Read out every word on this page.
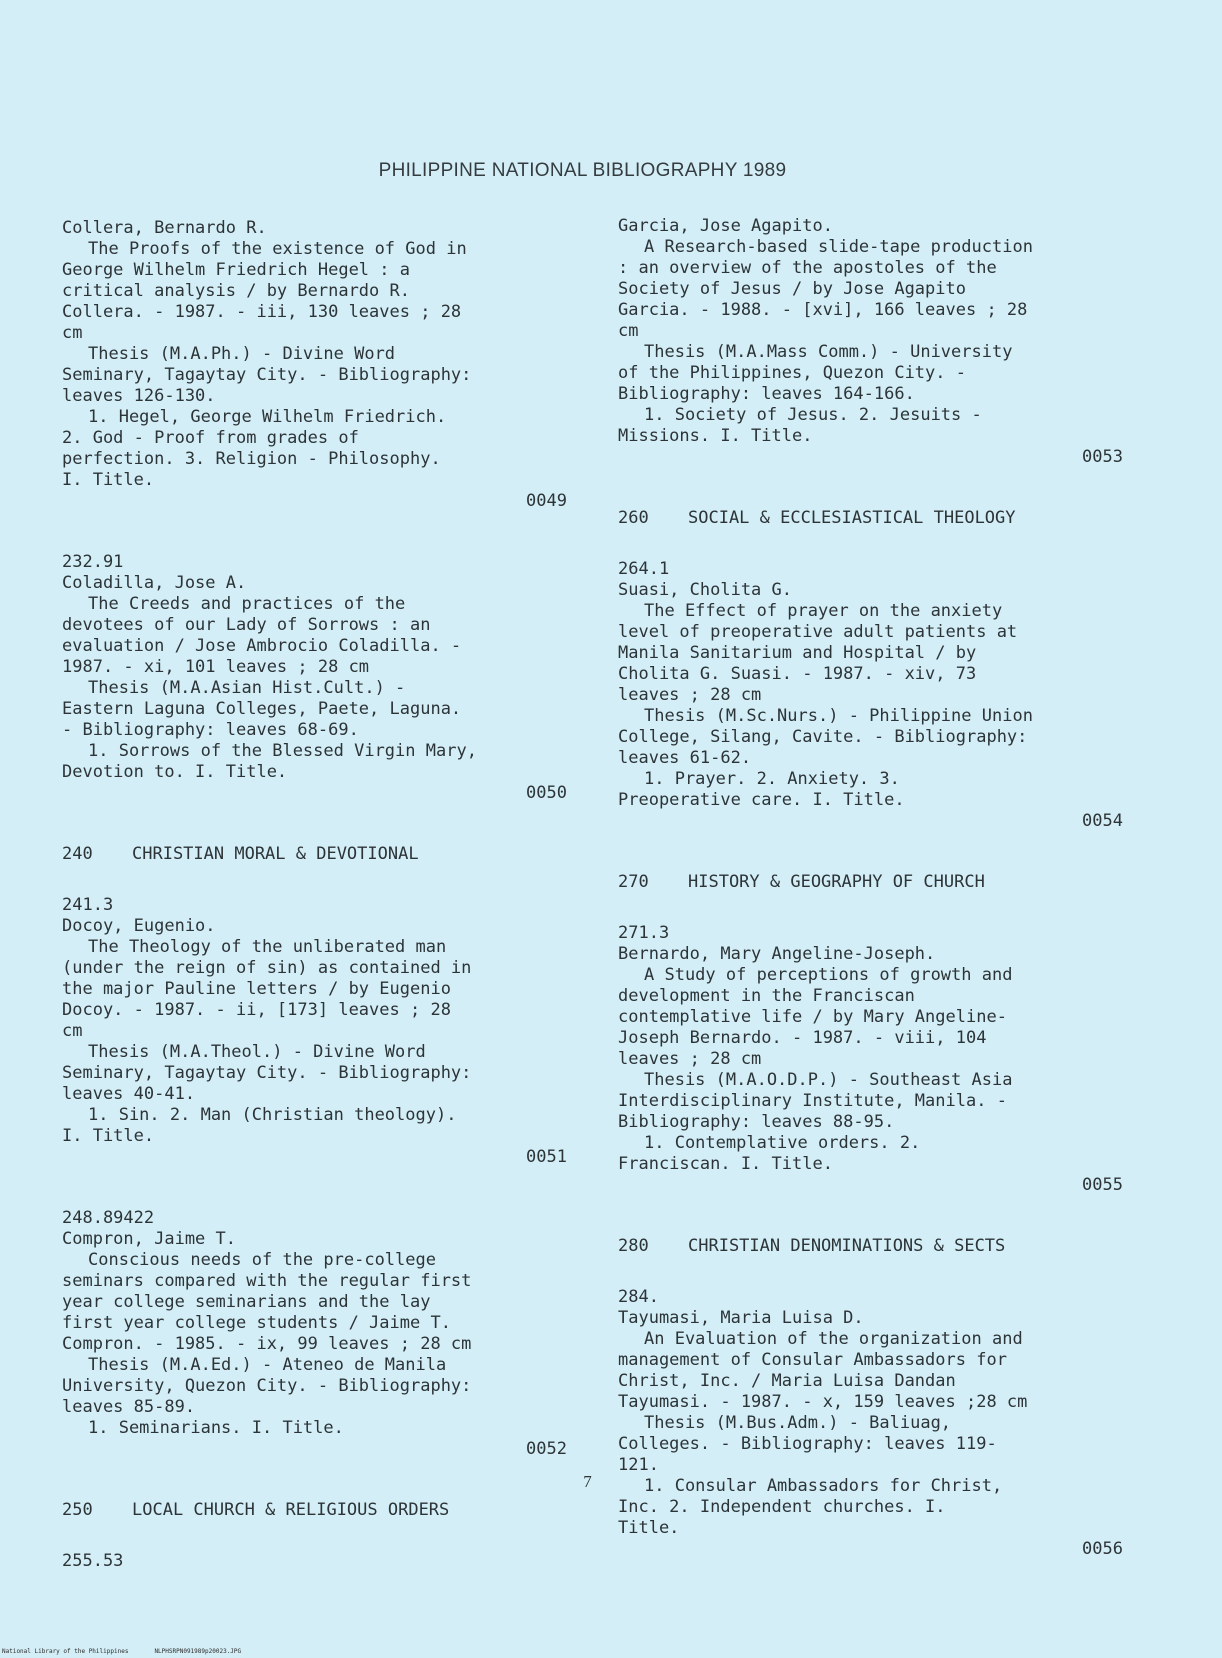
PHILIPPINE NATIONAL BIBLIOGRAPHY 1989
Collera, Bernardo R.
The Proofs of the existence of God in
George Wilhelm Friedrich Hegel : a
critical analysis / by Bernardo R.
Collera. - 1987. - iii, 130 leaves ; 28
cm
Thesis (M.A.Ph.) - Divine Word
Seminary, Tagaytay City. - Bibliography:
leaves 126-130.
1. Hegel, George Wilhelm Friedrich.
2. God - Proof from grades of
perfection. 3. Religion - Philosophy.
I. Title.
0049
232.91
Coladilla, Jose A.
The Creeds and practices of the
devotees of our Lady of Sorrows : an
evaluation / Jose Ambrocio Coladilla. -
1987. - xi, 101 leaves ; 28 cm
Thesis (M.A.Asian Hist.Cult.) -
Eastern Laguna Colleges, Paete, Laguna.
- Bibliography: leaves 68-69.
1. Sorrows of the Blessed Virgin Mary,
Devotion to. I. Title.
0050
240 CHRISTIAN MORAL & DEVOTIONAL
241.3
Docoy, Eugenio.
The Theology of the unliberated man
(under the reign of sin) as contained in
the major Pauline letters / by Eugenio
Docoy. - 1987. - ii, [173] leaves ; 28
cm
Thesis (M.A.Theol.) - Divine Word
Seminary, Tagaytay City. - Bibliography:
leaves 40-41.
1. Sin. 2. Man (Christian theology).
I. Title.
0051
248.89422
Compron, Jaime T.
Conscious needs of the pre-college
seminars compared with the regular first
year college seminarians and the lay
first year college students / Jaime T.
Compron. - 1985. - ix, 99 leaves ; 28 cm
Thesis (M.A.Ed.) - Ateneo de Manila
University, Quezon City. - Bibliography:
leaves 85-89.
1. Seminarians. I. Title.
0052
250 LOCAL CHURCH & RELIGIOUS ORDERS
255.53
Garcia, Jose Agapito.
A Research-based slide-tape production
: an overview of the apostoles of the
Society of Jesus / by Jose Agapito
Garcia. - 1988. - [xvi], 166 leaves ; 28
cm
Thesis (M.A.Mass Comm.) - University
of the Philippines, Quezon City. -
Bibliography: leaves 164-166.
1. Society of Jesus. 2. Jesuits -
Missions. I. Title.
0053
260 SOCIAL & ECCLESIASTICAL THEOLOGY
264.1
Suasi, Cholita G.
The Effect of prayer on the anxiety
level of preoperative adult patients at
Manila Sanitarium and Hospital / by
Cholita G. Suasi. - 1987. - xiv, 73
leaves ; 28 cm
Thesis (M.Sc.Nurs.) - Philippine Union
College, Silang, Cavite. - Bibliography:
leaves 61-62.
1. Prayer. 2. Anxiety. 3.
Preoperative care. I. Title.
0054
270 HISTORY & GEOGRAPHY OF CHURCH
271.3
Bernardo, Mary Angeline-Joseph.
A Study of perceptions of growth and
development in the Franciscan
contemplative life / by Mary Angeline-
Joseph Bernardo. - 1987. - viii, 104
leaves ; 28 cm
Thesis (M.A.O.D.P.) - Southeast Asia
Interdisciplinary Institute, Manila. -
Bibliography: leaves 88-95.
1. Contemplative orders. 2.
Franciscan. I. Title.
0055
280 CHRISTIAN DENOMINATIONS & SECTS
284.
Tayumasi, Maria Luisa D.
An Evaluation of the organization and
management of Consular Ambassadors for
Christ, Inc. / Maria Luisa Dandan
Tayumasi. - 1987. - x, 159 leaves ;28 cm
Thesis (M.Bus.Adm.) - Baliuag,
Colleges. - Bibliography: leaves 119-
121.
1. Consular Ambassadors for Christ,
Inc. 2. Independent churches. I.
Title.
0056
7
National Library of the Philippines	NLPHSRPN091989p20023.JPG
